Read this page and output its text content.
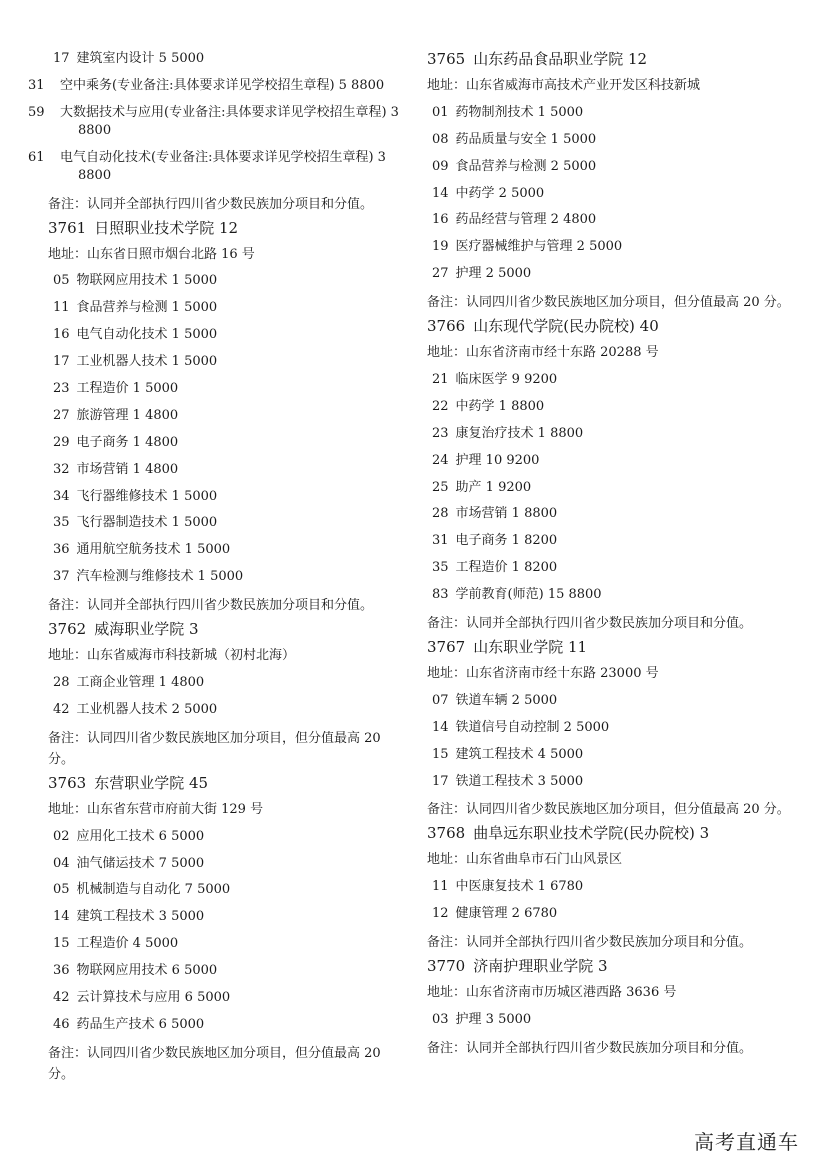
17 建筑室内设计 5 5000
31 空中乘务(专业备注:具体要求详见学校招生章程) 5 8800
59 大数据技术与应用(专业备注:具体要求详见学校招生章程) 3 8800
61 电气自动化技术(专业备注:具体要求详见学校招生章程) 3 8800
备注：认同并全部执行四川省少数民族加分项目和分值。
3761 日照职业技术学院 12
地址：山东省日照市烟台北路 16 号
05 物联网应用技术 1 5000
11 食品营养与检测 1 5000
16 电气自动化技术 1 5000
17 工业机器人技术 1 5000
23 工程造价 1 5000
27 旅游管理 1 4800
29 电子商务 1 4800
32 市场营销 1 4800
34 飞行器维修技术 1 5000
35 飞行器制造技术 1 5000
36 通用航空航务技术 1 5000
37 汽车检测与维修技术 1 5000
备注：认同并全部执行四川省少数民族加分项目和分值。
3762 威海职业学院 3
地址：山东省威海市科技新城（初村北海）
28 工商企业管理 1 4800
42 工业机器人技术 2 5000
备注：认同四川省少数民族地区加分项目，但分值最高 20 分。
3763 东营职业学院 45
地址：山东省东营市府前大街 129 号
02 应用化工技术 6 5000
04 油气储运技术 7 5000
05 机械制造与自动化 7 5000
14 建筑工程技术 3 5000
15 工程造价 4 5000
36 物联网应用技术 6 5000
42 云计算技术与应用 6 5000
46 药品生产技术 6 5000
备注：认同四川省少数民族地区加分项目，但分值最高 20 分。
3765 山东药品食品职业学院 12
地址：山东省威海市高技术产业开发区科技新城
01 药物制剂技术 1 5000
08 药品质量与安全 1 5000
09 食品营养与检测 2 5000
14 中药学 2 5000
16 药品经营与管理 2 4800
19 医疗器械维护与管理 2 5000
27 护理 2 5000
备注：认同四川省少数民族地区加分项目，但分值最高 20 分。
3766 山东现代学院(民办院校) 40
地址：山东省济南市经十东路 20288 号
21 临床医学 9 9200
22 中药学 1 8800
23 康复治疗技术 1 8800
24 护理 10 9200
25 助产 1 9200
28 市场营销 1 8800
31 电子商务 1 8200
35 工程造价 1 8200
83 学前教育(师范) 15 8800
备注：认同并全部执行四川省少数民族加分项目和分值。
3767 山东职业学院 11
地址：山东省济南市经十东路 23000 号
07 铁道车辆 2 5000
14 铁道信号自动控制 2 5000
15 建筑工程技术 4 5000
17 铁道工程技术 3 5000
备注：认同四川省少数民族地区加分项目，但分值最高 20 分。
3768 曲阜远东职业技术学院(民办院校) 3
地址：山东省曲阜市石门山风景区
11 中医康复技术 1 6780
12 健康管理 2 6780
备注：认同并全部执行四川省少数民族加分项目和分值。
3770 济南护理职业学院 3
地址：山东省济南市历城区港西路 3636 号
03 护理 3 5000
备注：认同并全部执行四川省少数民族加分项目和分值。
高考直通车
